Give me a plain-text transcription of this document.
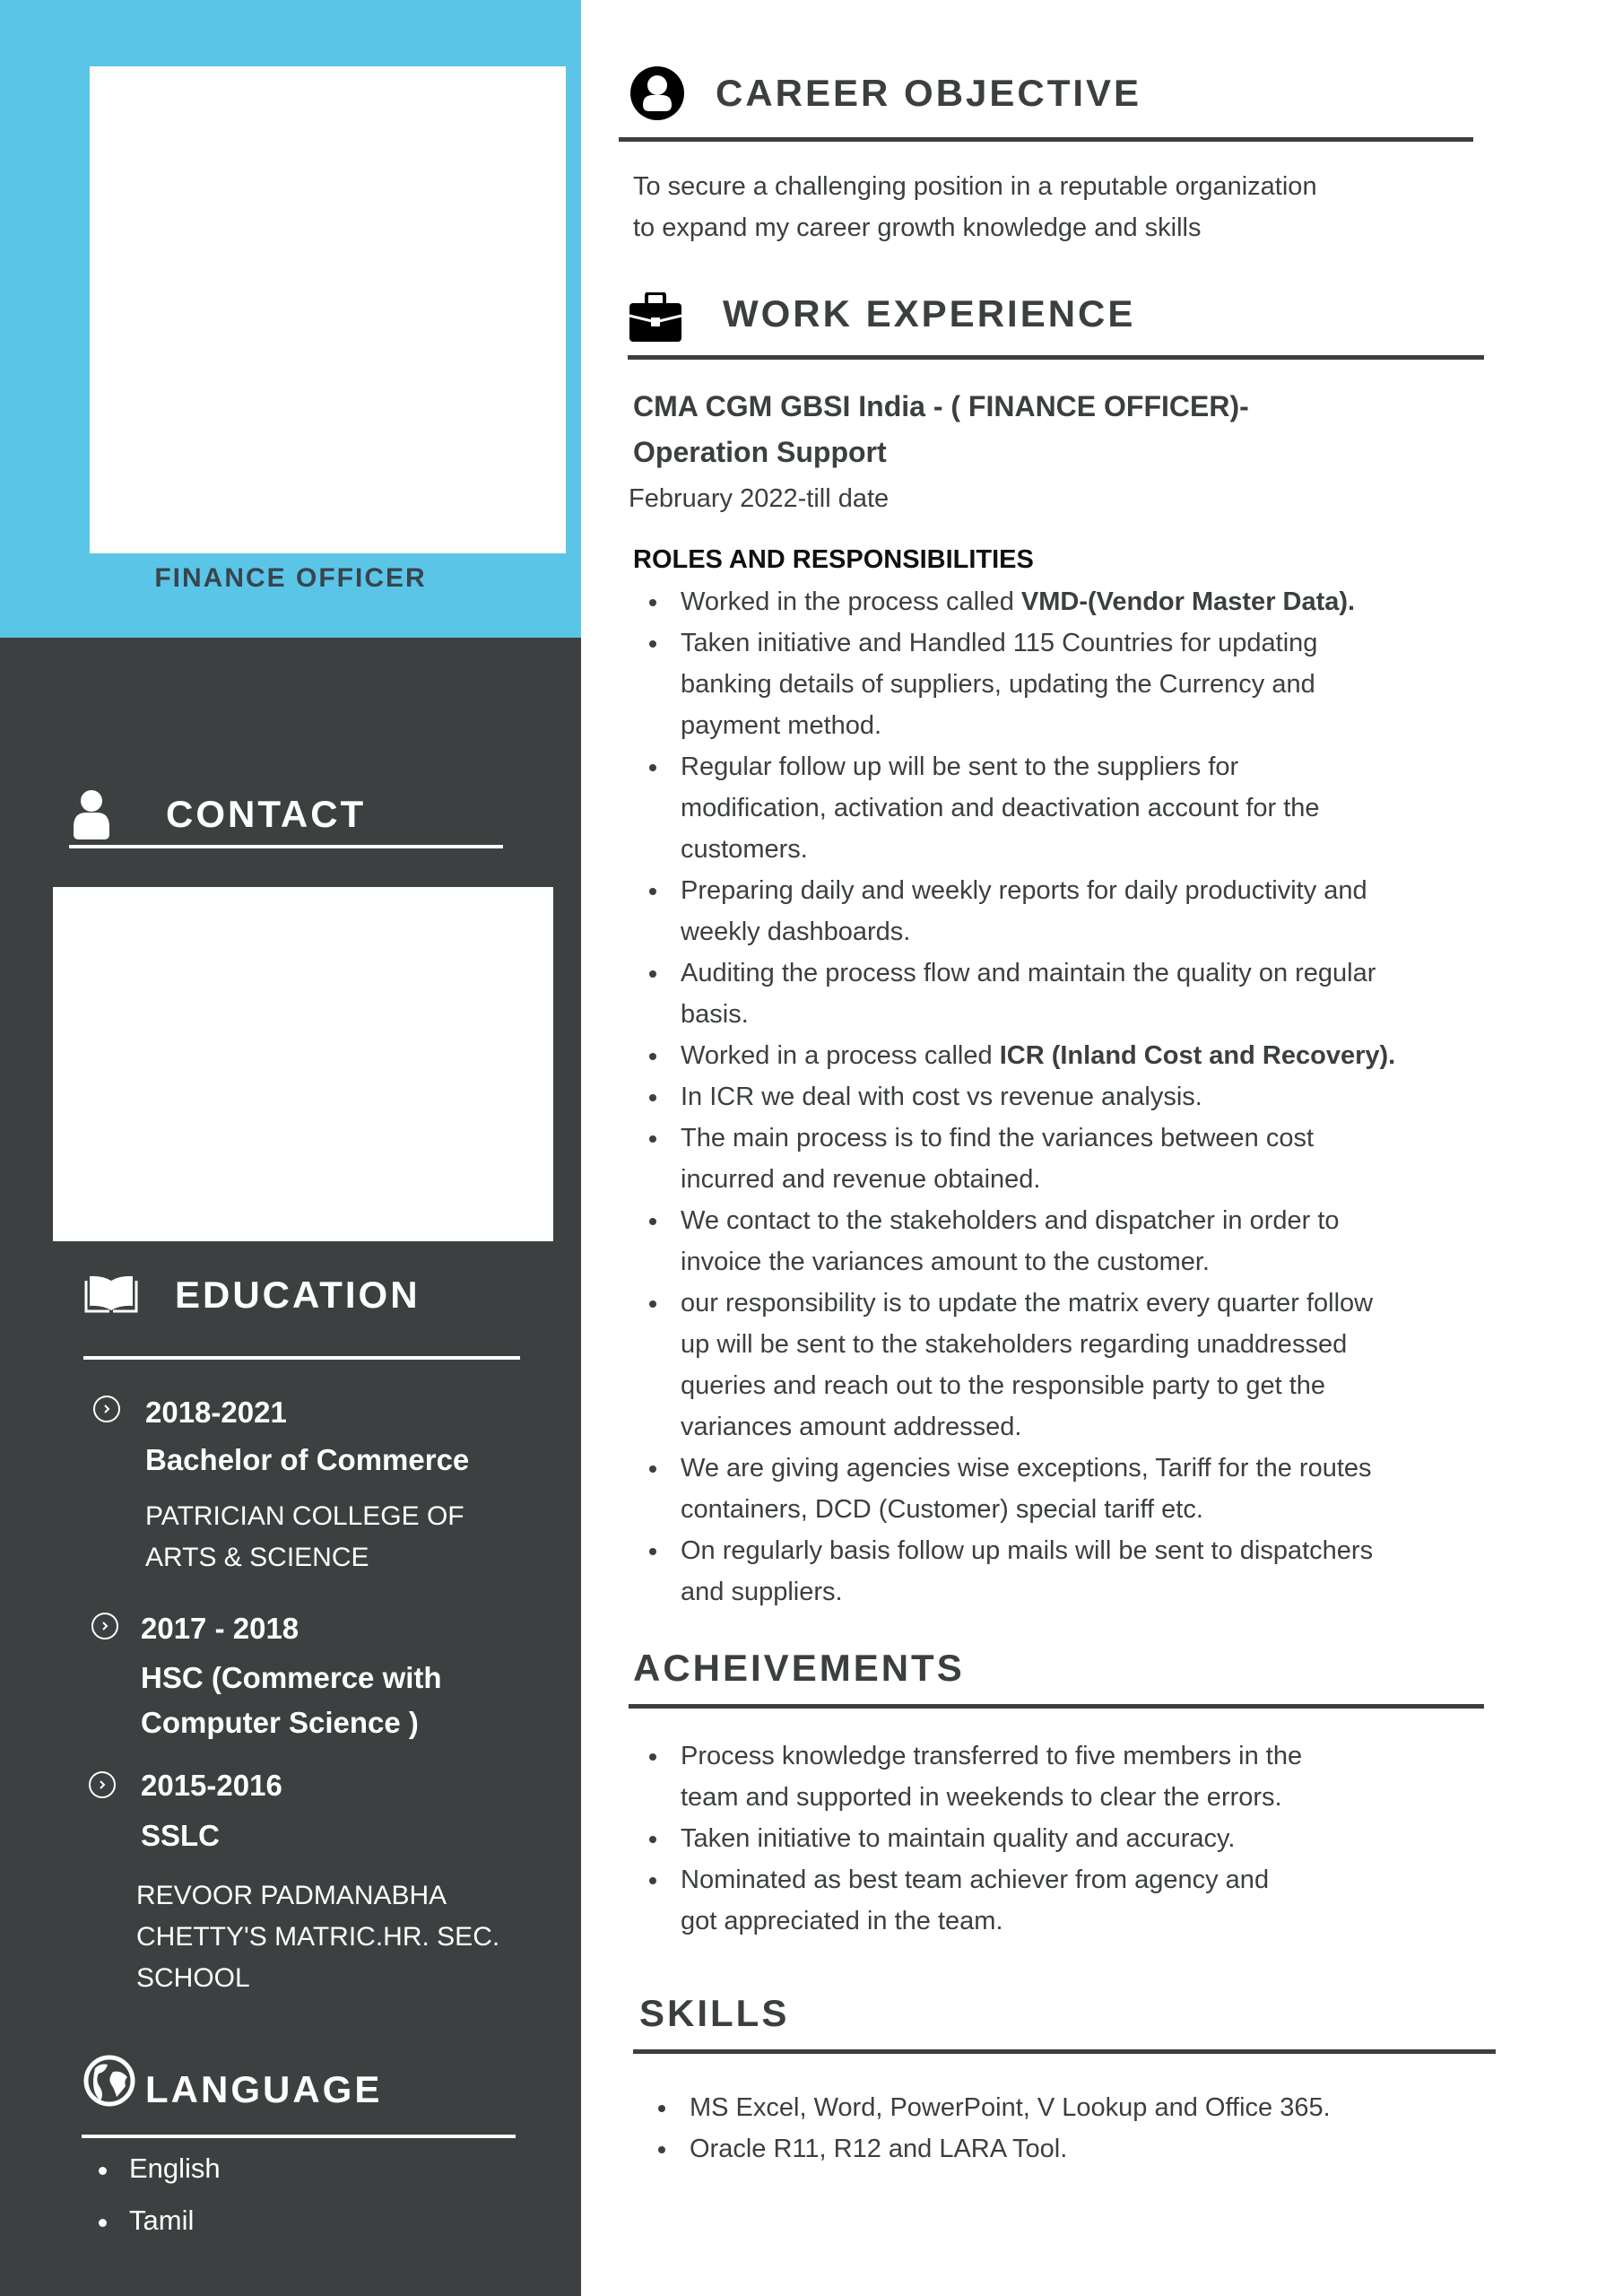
FINANCE OFFICER
CONTACT
EDUCATION
2018-2021
Bachelor of Commerce
PATRICIAN COLLEGE OF
ARTS & SCIENCE
2017 - 2018
HSC (Commerce with
Computer Science )
2015-2016
SSLC
REVOOR PADMANABHA
CHETTY'S MATRIC.HR. SEC.
SCHOOL
LANGUAGE
English
Tamil
CAREER OBJECTIVE
To secure a challenging position in a reputable organization
to expand my career growth knowledge and skills
WORK EXPERIENCE
CMA CGM GBSI India - ( FINANCE OFFICER)-
Operation Support
February 2022-till date
ROLES AND RESPONSIBILITIES
Worked in the process called VMD-(Vendor Master Data).
Taken initiative and Handled 115 Countries for updating
banking details of suppliers, updating the Currency and
payment method.
Regular follow up will be sent to the suppliers for
modification, activation and deactivation account for the
customers.
Preparing daily and weekly reports for daily productivity and
weekly dashboards.
Auditing the process flow and maintain the quality on regular
basis.
Worked in a process called ICR (Inland Cost and Recovery).
In ICR we deal with cost vs revenue analysis.
The main process is to find the variances between cost
incurred and revenue obtained.
We contact to the stakeholders and dispatcher in order to
invoice the variances amount to the customer.
our responsibility is to update the matrix every quarter follow
up will be sent to the stakeholders regarding unaddressed
queries and reach out to the responsible party to get the
variances amount addressed.
We are giving agencies wise exceptions, Tariff for the routes
containers, DCD (Customer) special tariff etc.
On regularly basis follow up mails will be sent to dispatchers
and suppliers.
ACHEIVEMENTS
Process knowledge transferred to five members in the
team and supported in weekends to clear the errors.
Taken initiative to maintain quality and accuracy.
Nominated as best team achiever from agency and
got appreciated in the team.
SKILLS
MS Excel, Word, PowerPoint, V Lookup and Office 365.
Oracle R11, R12 and LARA Tool.
